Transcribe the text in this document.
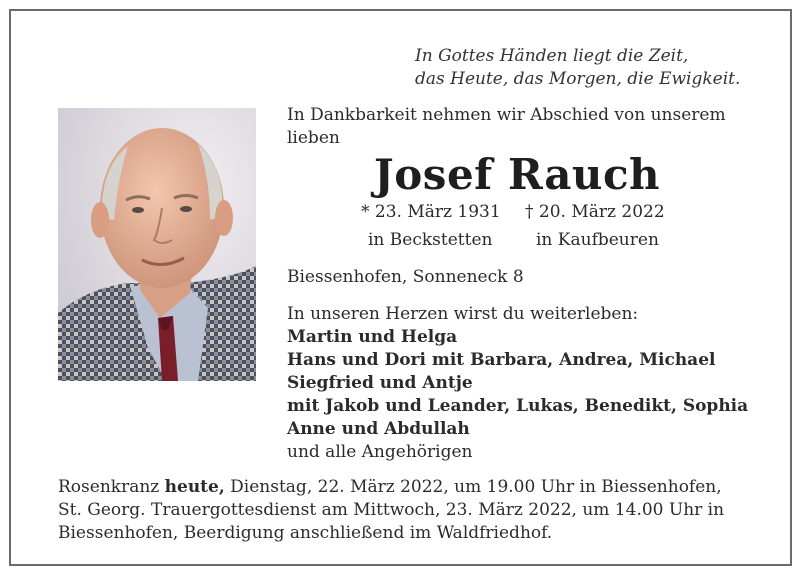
In Gottes Händen liegt die Zeit,
das Heute, das Morgen, die Ewigkeit.
In Dankbarkeit nehmen wir Abschied von unserem lieben
Josef Rauch
* 23. März 1931 † 20. März 2022
in Beckstetten	in Kaufbeuren
Biessenhofen, Sonneneck 8
In unseren Herzen wirst du weiterleben:
Martin und Helga
Hans und Dori mit Barbara, Andrea, Michael
Siegfried und Antje
mit Jakob und Leander, Lukas, Benedikt, Sophia
Anne und Abdullah
und alle Angehörigen
Rosenkranz heute, Dienstag, 22. März 2022, um 19.00 Uhr in Biessenhofen,
St. Georg. Trauergottesdienst am Mittwoch, 23. März 2022, um 14.00 Uhr in
Biessenhofen, Beerdigung anschließend im Waldfriedhof.
